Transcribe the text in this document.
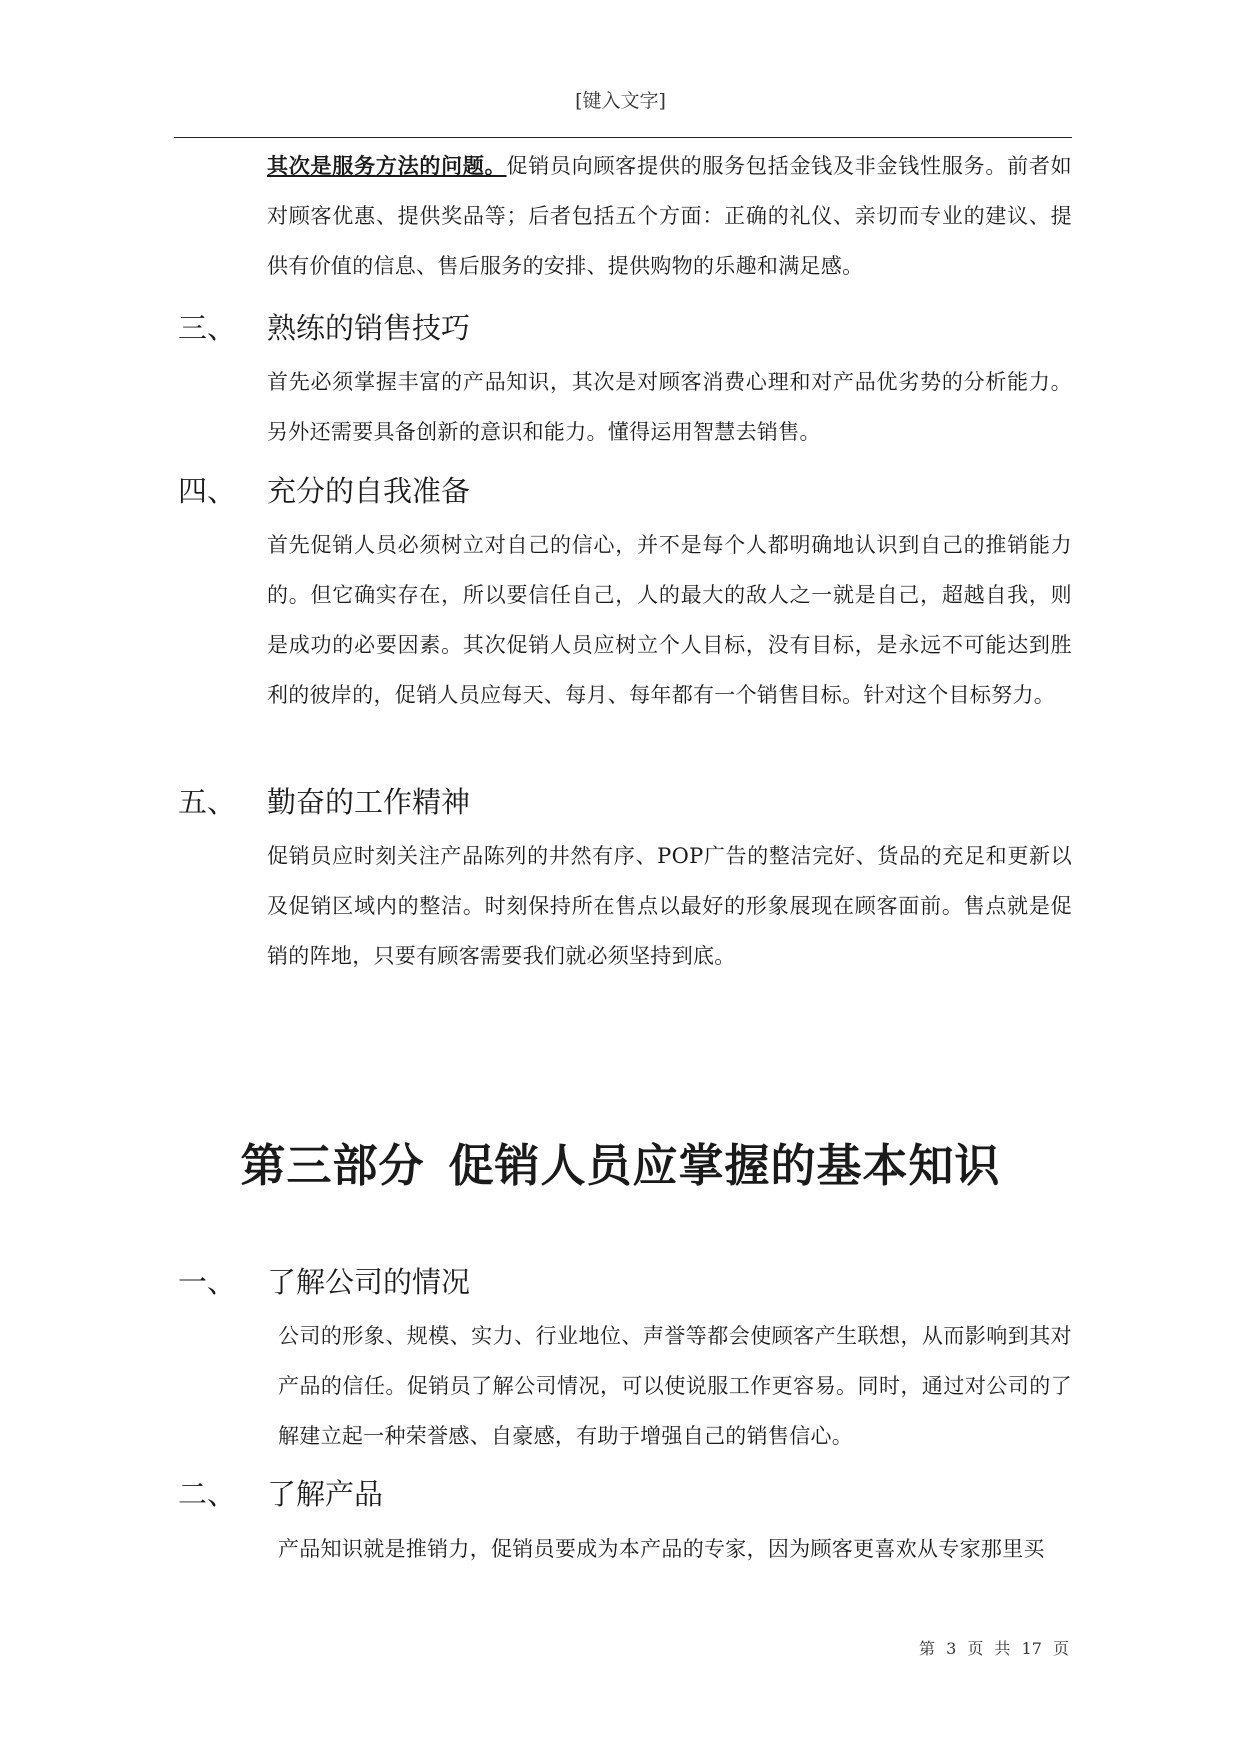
[键入文字]
其次是服务方法的问题。促销员向顾客提供的服务包括金钱及非金钱性服务。前者如对顾客优惠、提供奖品等；后者包括五个方面：正确的礼仪、亲切而专业的建议、提供有价值的信息、售后服务的安排、提供购物的乐趣和满足感。
三、 熟练的销售技巧
首先必须掌握丰富的产品知识，其次是对顾客消费心理和对产品优劣势的分析能力。另外还需要具备创新的意识和能力。懂得运用智慧去销售。
四、 充分的自我准备
首先促销人员必须树立对自己的信心，并不是每个人都明确地认识到自己的推销能力的。但它确实存在，所以要信任自己，人的最大的敌人之一就是自己，超越自我，则是成功的必要因素。其次促销人员应树立个人目标，没有目标，是永远不可能达到胜利的彼岸的，促销人员应每天、每月、每年都有一个销售目标。针对这个目标努力。
五、 勤奋的工作精神
促销员应时刻关注产品陈列的井然有序、POP广告的整洁完好、货品的充足和更新以及促销区域内的整洁。时刻保持所在售点以最好的形象展现在顾客面前。售点就是促销的阵地，只要有顾客需要我们就必须坚持到底。
第三部分 促销人员应掌握的基本知识
一、 了解公司的情况
公司的形象、规模、实力、行业地位、声誉等都会使顾客产生联想，从而影响到其对产品的信任。促销员了解公司情况，可以使说服工作更容易。同时，通过对公司的了解建立起一种荣誉感、自豪感，有助于增强自己的销售信心。
二、 了解产品
产品知识就是推销力，促销员要成为本产品的专家，因为顾客更喜欢从专家那里买
第 3 页 共 17 页
